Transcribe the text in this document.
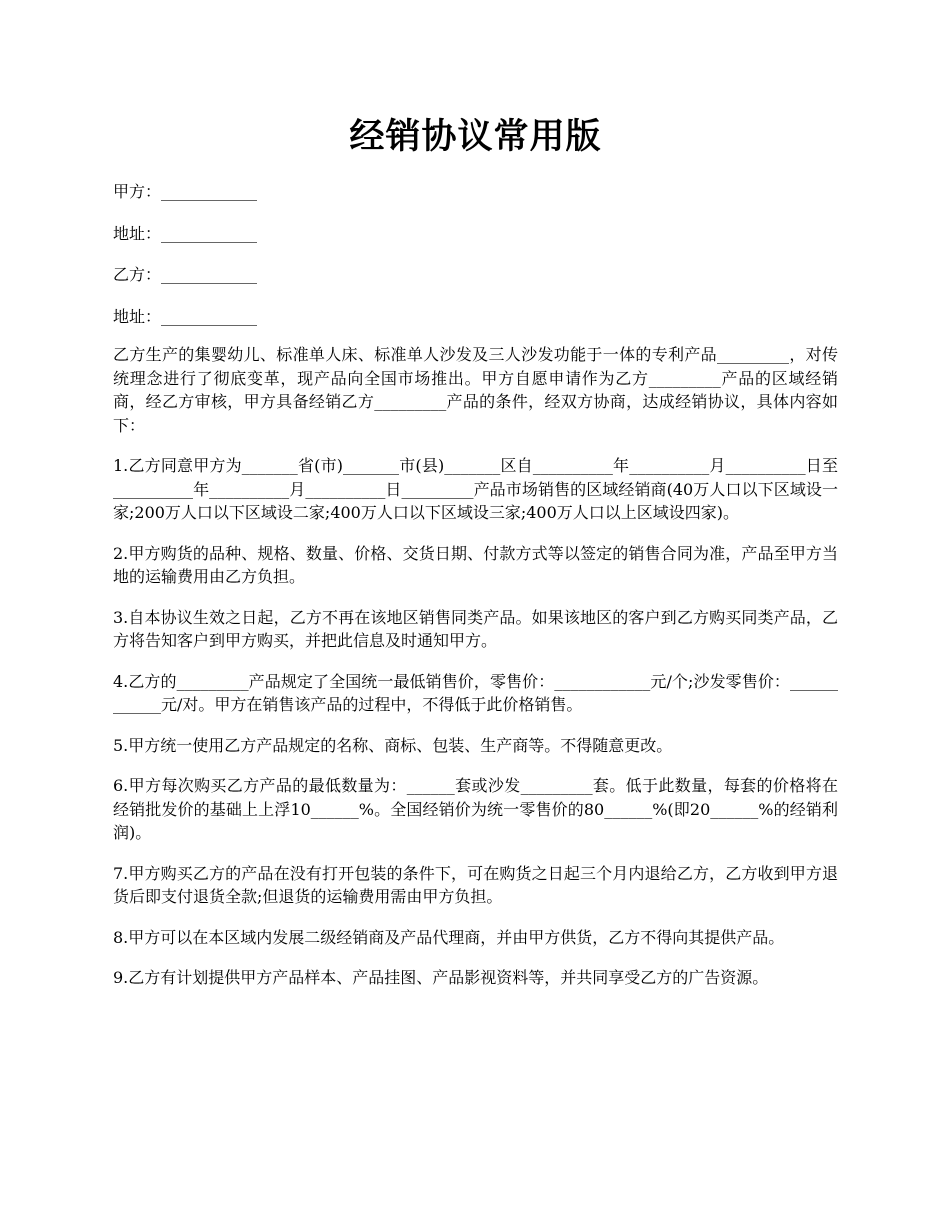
经销协议常用版

甲方：____________

地址：____________

乙方：____________

地址：____________

乙方生产的集婴幼儿、标准单人床、标准单人沙发及三人沙发功能于一体的专利产品_________，对传统理念进行了彻底变革，现产品向全国市场推出。甲方自愿申请作为乙方_________产品的区域经销商，经乙方审核，甲方具备经销乙方_________产品的条件，经双方协商，达成经销协议，具体内容如下：

1.乙方同意甲方为_______省(市)_______市(县)_______区自__________年__________月__________日至__________年__________月__________日_________产品市场销售的区域经销商(40万人口以下区域设一家;200万人口以下区域设二家;400万人口以下区域设三家;400万人口以上区域设四家)。

2.甲方购货的品种、规格、数量、价格、交货日期、付款方式等以签定的销售合同为准，产品至甲方当地的运输费用由乙方负担。

3.自本协议生效之日起，乙方不再在该地区销售同类产品。如果该地区的客户到乙方购买同类产品，乙方将告知客户到甲方购买，并把此信息及时通知甲方。

4.乙方的_________产品规定了全国统一最低销售价，零售价：____________元/个;沙发零售价：____________元/对。甲方在销售该产品的过程中，不得低于此价格销售。

5.甲方统一使用乙方产品规定的名称、商标、包装、生产商等。不得随意更改。

6.甲方每次购买乙方产品的最低数量为：______套或沙发_________套。低于此数量，每套的价格将在经销批发价的基础上上浮10______%。全国经销价为统一零售价的80______%(即20______%的经销利润)。

7.甲方购买乙方的产品在没有打开包装的条件下，可在购货之日起三个月内退给乙方，乙方收到甲方退货后即支付退货全款;但退货的运输费用需由甲方负担。

8.甲方可以在本区域内发展二级经销商及产品代理商，并由甲方供货，乙方不得向其提供产品。

9.乙方有计划提供甲方产品样本、产品挂图、产品影视资料等，并共同享受乙方的广告资源。
